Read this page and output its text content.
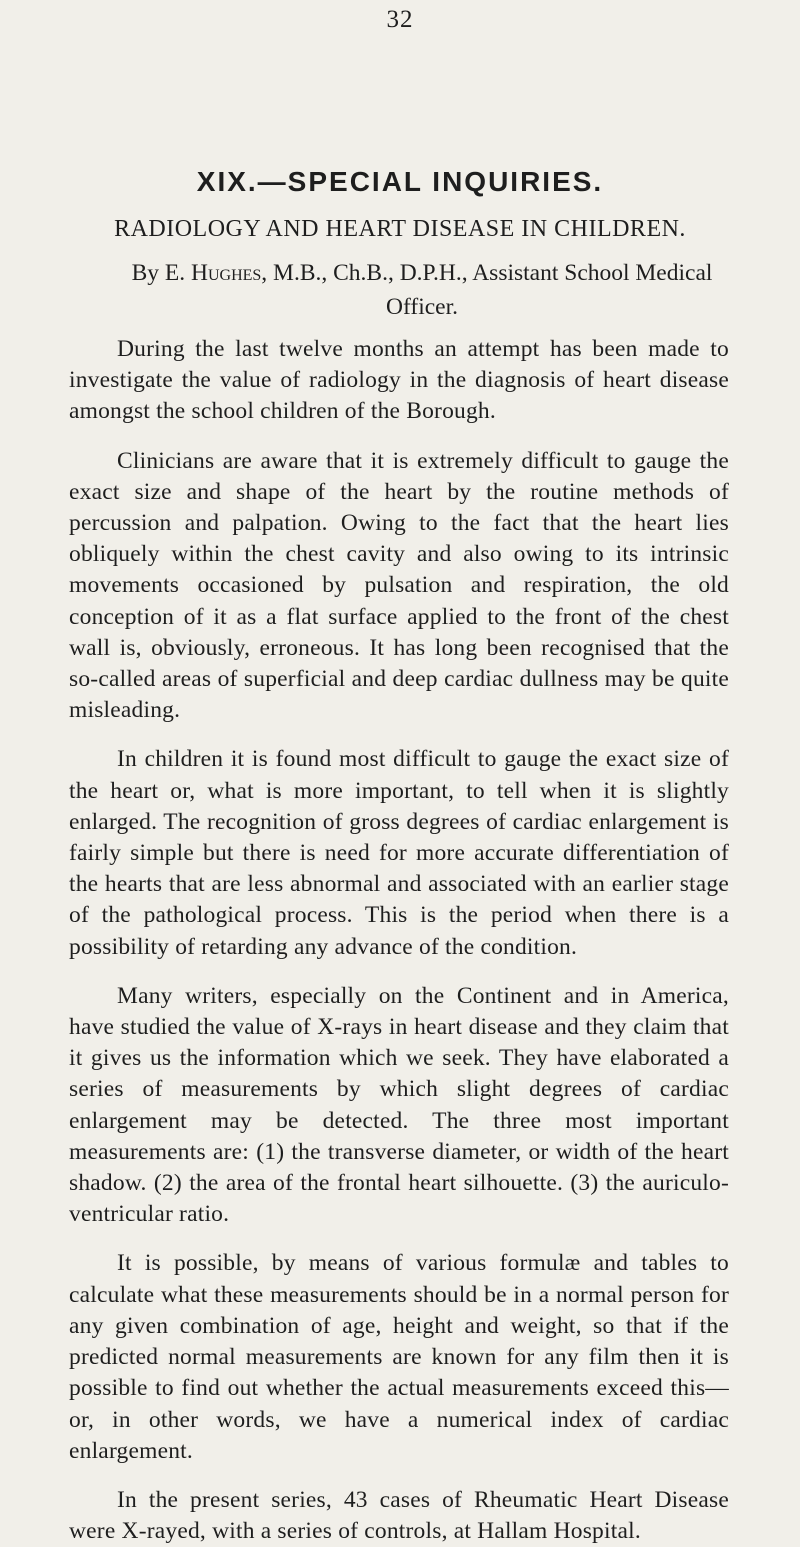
32
XIX.—SPECIAL INQUIRIES.
RADIOLOGY AND HEART DISEASE IN CHILDREN.
By E. Hughes, M.B., Ch.B., D.P.H., Assistant School Medical Officer.

During the last twelve months an attempt has been made to investigate the value of radiology in the diagnosis of heart disease amongst the school children of the Borough.

Clinicians are aware that it is extremely difficult to gauge the exact size and shape of the heart by the routine methods of percussion and palpation. Owing to the fact that the heart lies obliquely within the chest cavity and also owing to its intrinsic movements occasioned by pulsation and respiration, the old conception of it as a flat surface applied to the front of the chest wall is, obviously, erroneous. It has long been recognised that the so-called areas of superficial and deep cardiac dullness may be quite misleading.

In children it is found most difficult to gauge the exact size of the heart or, what is more important, to tell when it is slightly enlarged. The recognition of gross degrees of cardiac enlargement is fairly simple but there is need for more accurate differentiation of the hearts that are less abnormal and associated with an earlier stage of the pathological process. This is the period when there is a possibility of retarding any advance of the condition.

Many writers, especially on the Continent and in America, have studied the value of X-rays in heart disease and they claim that it gives us the information which we seek. They have elaborated a series of measurements by which slight degrees of cardiac enlargement may be detected. The three most important measurements are: (1) the transverse diameter, or width of the heart shadow. (2) the area of the frontal heart silhouette. (3) the auriculo-ventricular ratio.

It is possible, by means of various formulæ and tables to calculate what these measurements should be in a normal person for any given combination of age, height and weight, so that if the predicted normal measurements are known for any film then it is possible to find out whether the actual measurements exceed this—or, in other words, we have a numerical index of cardiac enlargement.

In the present series, 43 cases of Rheumatic Heart Disease were X-rayed, with a series of controls, at Hallam Hospital.
